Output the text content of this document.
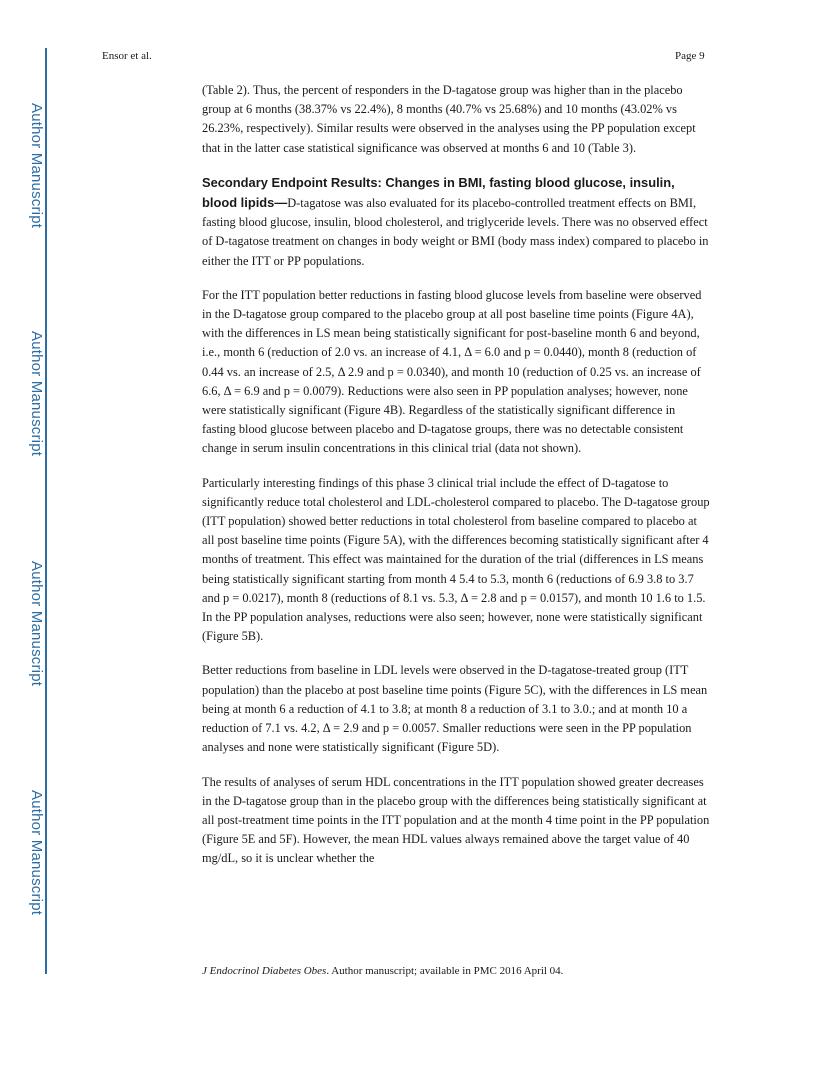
Author Manuscript
Author Manuscript
Author Manuscript
Author Manuscript
Ensor et al.	Page 9

(Table 2). Thus, the percent of responders in the D-tagatose group was higher than in the placebo group at 6 months (38.37% vs 22.4%), 8 months (40.7% vs 25.68%) and 10 months (43.02% vs 26.23%, respectively). Similar results were observed in the analyses using the PP population except that in the latter case statistical significance was observed at months 6 and 10 (Table 3).

Secondary Endpoint Results: Changes in BMI, fasting blood glucose, insulin, blood lipids—D-tagatose was also evaluated for its placebo-controlled treatment effects on BMI, fasting blood glucose, insulin, blood cholesterol, and triglyceride levels. There was no observed effect of D-tagatose treatment on changes in body weight or BMI (body mass index) compared to placebo in either the ITT or PP populations.

For the ITT population better reductions in fasting blood glucose levels from baseline were observed in the D-tagatose group compared to the placebo group at all post baseline time points (Figure 4A), with the differences in LS mean being statistically significant for post-baseline month 6 and beyond, i.e., month 6 (reduction of 2.0 vs. an increase of 4.1, Δ = 6.0 and p = 0.0440), month 8 (reduction of 0.44 vs. an increase of 2.5, Δ 2.9 and p = 0.0340), and month 10 (reduction of 0.25 vs. an increase of 6.6, Δ = 6.9 and p = 0.0079). Reductions were also seen in PP population analyses; however, none were statistically significant (Figure 4B). Regardless of the statistically significant difference in fasting blood glucose between placebo and D-tagatose groups, there was no detectable consistent change in serum insulin concentrations in this clinical trial (data not shown).

Particularly interesting findings of this phase 3 clinical trial include the effect of D-tagatose to significantly reduce total cholesterol and LDL-cholesterol compared to placebo. The D-tagatose group (ITT population) showed better reductions in total cholesterol from baseline compared to placebo at all post baseline time points (Figure 5A), with the differences becoming statistically significant after 4 months of treatment. This effect was maintained for the duration of the trial (differences in LS means being statistically significant starting from month 4 5.4 to 5.3, month 6 (reductions of 6.9 3.8 to 3.7 and p = 0.0217), month 8 (reductions of 8.1 vs. 5.3, Δ = 2.8 and p = 0.0157), and month 10 1.6 to 1.5. In the PP population analyses, reductions were also seen; however, none were statistically significant (Figure 5B).

Better reductions from baseline in LDL levels were observed in the D-tagatose-treated group (ITT population) than the placebo at post baseline time points (Figure 5C), with the differences in LS mean being at month 6 a reduction of 4.1 to 3.8; at month 8 a reduction of 3.1 to 3.0.; and at month 10 a reduction of 7.1 vs. 4.2, Δ = 2.9 and p = 0.0057. Smaller reductions were seen in the PP population analyses and none were statistically significant (Figure 5D).

The results of analyses of serum HDL concentrations in the ITT population showed greater decreases in the D-tagatose group than in the placebo group with the differences being statistically significant at all post-treatment time points in the ITT population and at the month 4 time point in the PP population (Figure 5E and 5F). However, the mean HDL values always remained above the target value of 40 mg/dL, so it is unclear whether the

J Endocrinol Diabetes Obes. Author manuscript; available in PMC 2016 April 04.
